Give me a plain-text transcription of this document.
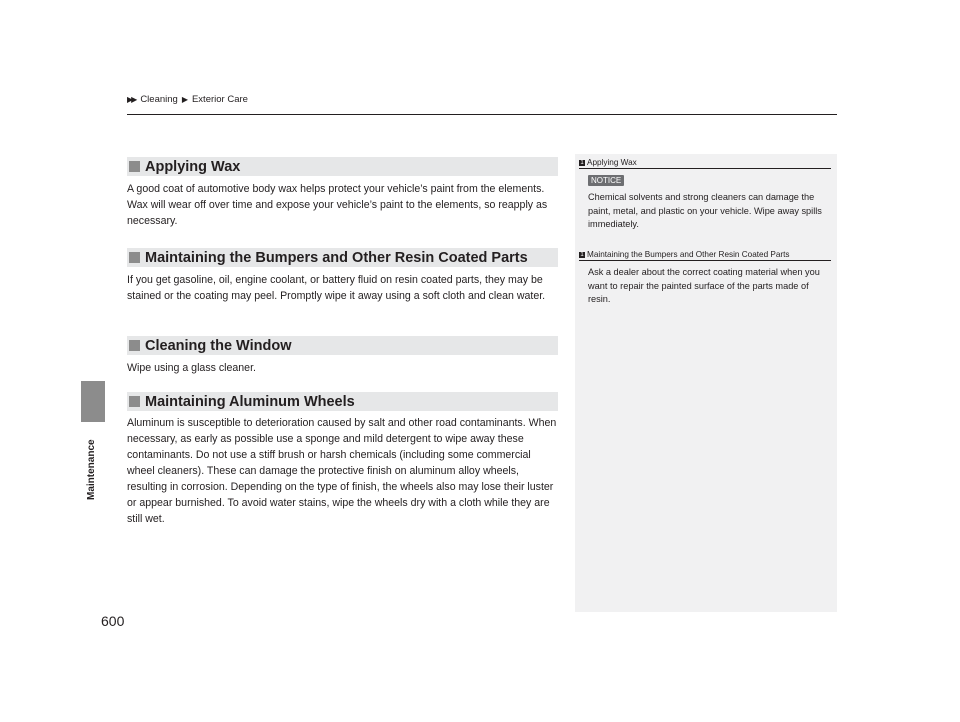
▶▶ Cleaning ▶ Exterior Care
Maintenance
Applying Wax

A good coat of automotive body wax helps protect your vehicle’s paint from the elements. Wax will wear off over time and expose your vehicle’s paint to the elements, so reapply as necessary.

Maintaining the Bumpers and Other Resin Coated Parts

If you get gasoline, oil, engine coolant, or battery fluid on resin coated parts, they may be stained or the coating may peel. Promptly wipe it away using a soft cloth and clean water.

Cleaning the Window

Wipe using a glass cleaner.

Maintaining Aluminum Wheels

Aluminum is susceptible to deterioration caused by salt and other road contaminants. When necessary, as early as possible use a sponge and mild detergent to wipe away these contaminants. Do not use a stiff brush or harsh chemicals (including some commercial wheel cleaners). These can damage the protective finish on aluminum alloy wheels, resulting in corrosion. Depending on the type of finish, the wheels also may lose their luster or appear burnished. To avoid water stains, wipe the wheels dry with a cloth while they are still wet.

1 Applying Wax
NOTICE
Chemical solvents and strong cleaners can damage the paint, metal, and plastic on your vehicle. Wipe away spills immediately.
1 Maintaining the Bumpers and Other Resin Coated Parts
Ask a dealer about the correct coating material when you want to repair the painted surface of the parts made of resin.
600
